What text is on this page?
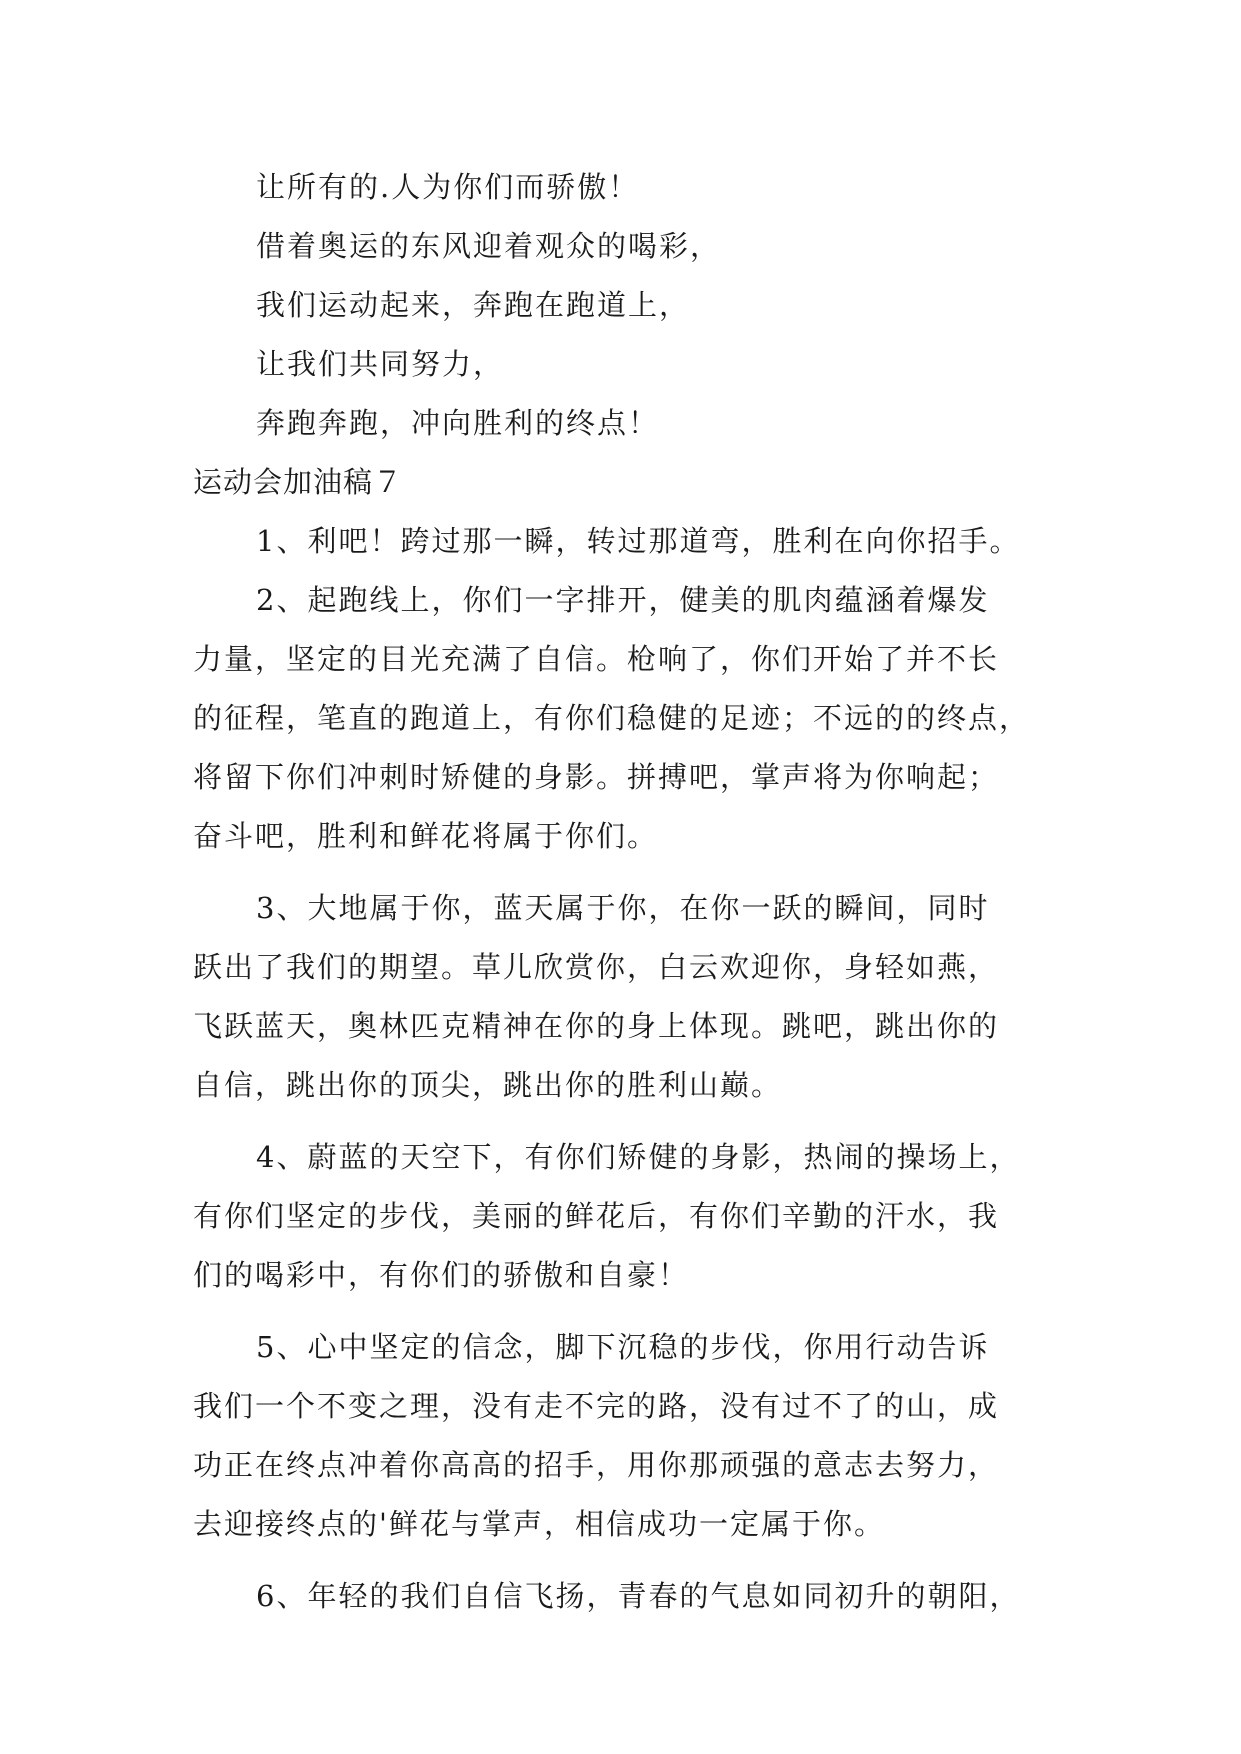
让所有的.人为你们而骄傲！

借着奥运的东风迎着观众的喝彩，

我们运动起来，奔跑在跑道上，

让我们共同努力，

奔跑奔跑，冲向胜利的终点！

运动会加油稿７

1、利吧！跨过那一瞬，转过那道弯，胜利在向你招手。

2、起跑线上，你们一字排开，健美的肌肉蕴涵着爆发

力量，坚定的目光充满了自信。枪响了，你们开始了并不长

的征程，笔直的跑道上，有你们稳健的足迹；不远的的终点，

将留下你们冲刺时矫健的身影。拼搏吧，掌声将为你响起；

奋斗吧，胜利和鲜花将属于你们。

3、大地属于你，蓝天属于你，在你一跃的瞬间，同时

跃出了我们的期望。草儿欣赏你，白云欢迎你，身轻如燕，

飞跃蓝天，奥林匹克精神在你的身上体现。跳吧，跳出你的

自信，跳出你的顶尖，跳出你的胜利山巅。

4、蔚蓝的天空下，有你们矫健的身影，热闹的操场上，

有你们坚定的步伐，美丽的鲜花后，有你们辛勤的汗水，我

们的喝彩中，有你们的骄傲和自豪！

5、心中坚定的信念，脚下沉稳的步伐，你用行动告诉

我们一个不变之理，没有走不完的路，没有过不了的山，成

功正在终点冲着你高高的招手，用你那顽强的意志去努力，

去迎接终点的'鲜花与掌声，相信成功一定属于你。

6、年轻的我们自信飞扬，青春的气息如同初升的朝阳，
